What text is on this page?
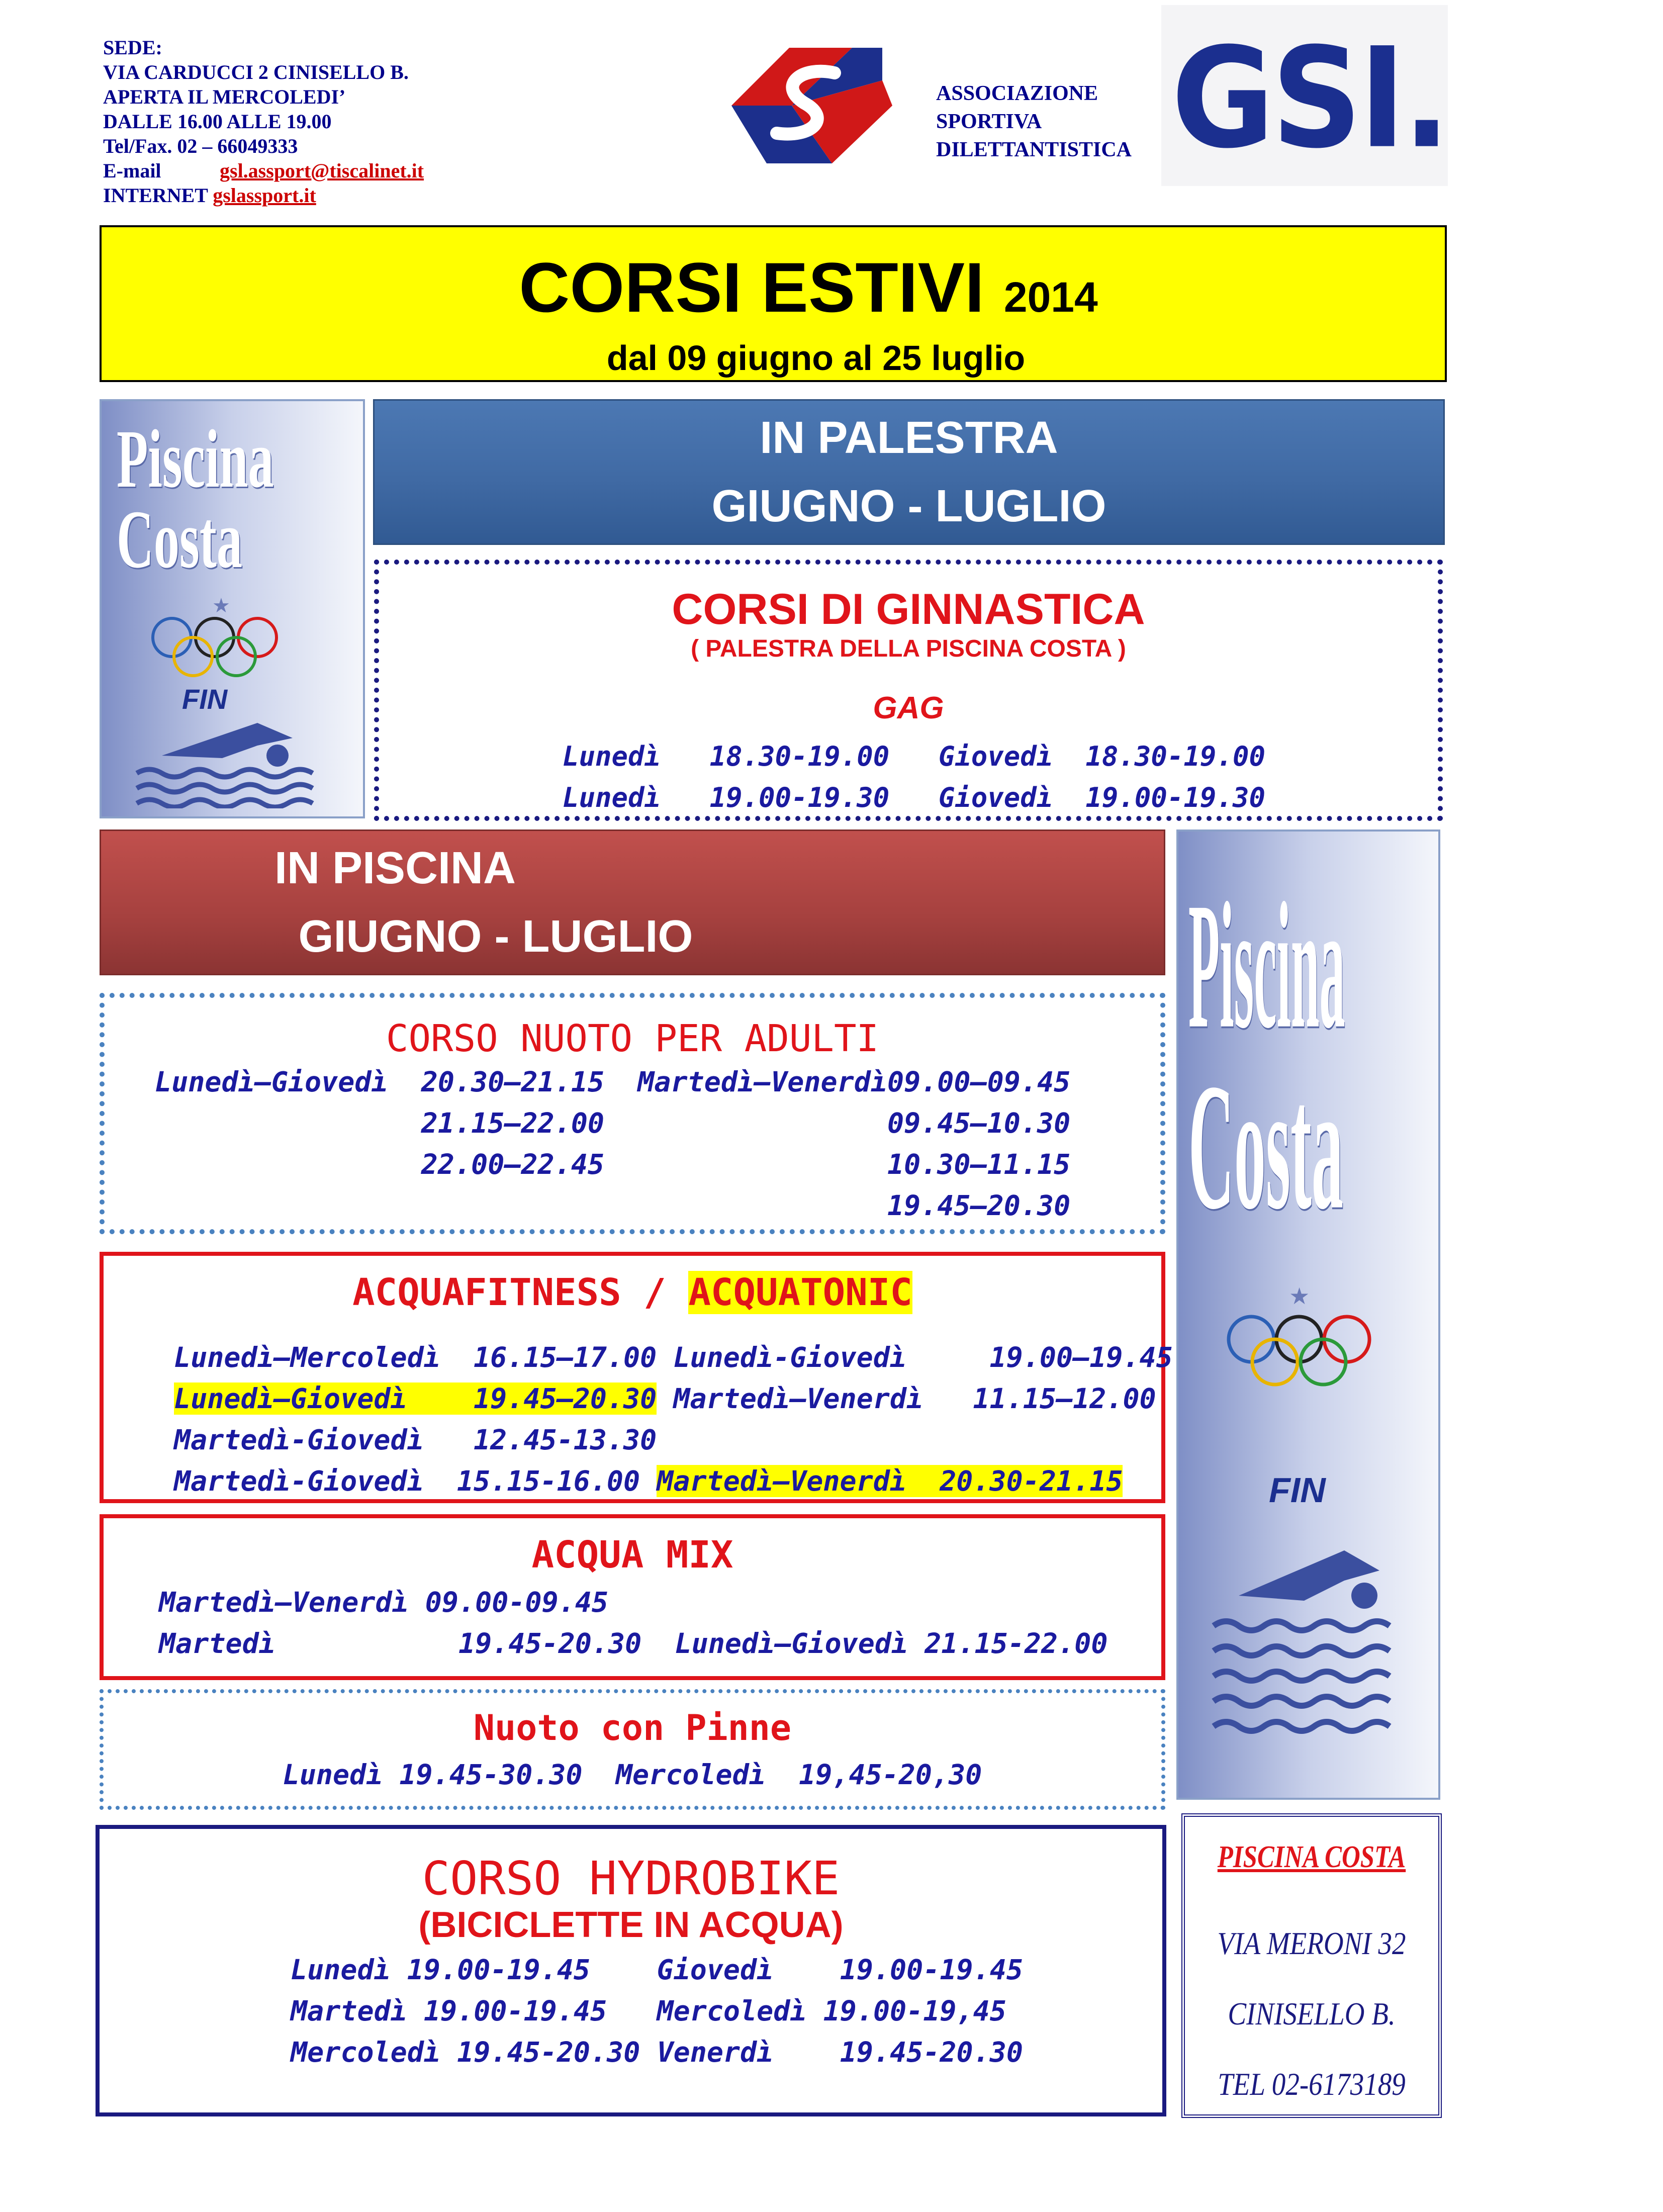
SEDE:
VIA CARDUCCI 2 CINISELLO B.
APERTA IL MERCOLEDI’
DALLE 16.00 ALLE 19.00
Tel/Fax. 02 – 66049333
E-mail	gsl.assport@tiscalinet.it
INTERNET gslassport.it
ASSOCIAZIONE
SPORTIVA
DILETTANTISTICA GSI.
CORSI ESTIVI 2014
dal 09 giugno al 25 luglio
Piscina
Costa
★
FIN
IN PALESTRA
GIUGNO - LUGLIO
CORSI DI GINNASTICA
( PALESTRA DELLA PISCINA COSTA )
GAG
Lunedì   18.30-19.00   Giovedì  18.30-19.00
Lunedì   19.00-19.30   Giovedì  19.00-19.30
IN PISCINA
GIUGNO - LUGLIO
CORSO NUOTO PER ADULTI
Lunedì–Giovedì  20.30–21.15  Martedì–Venerdì09.00–09.45
21.15–22.00                 09.45–10.30
22.00–22.45                 10.30–11.15
19.45–20.30
ACQUAFITNESS / ACQUATONIC
Lunedì–Mercoledì  16.15–17.00 Lunedì-Giovedì     19.00–19.45
Lunedì–Giovedì    19.45–20.30 Martedì–Venerdì   11.15–12.00
Martedì-Giovedì   12.45-13.30
Martedì-Giovedì  15.15-16.00 Martedì–Venerdì  20.30-21.15
ACQUA MIX
Martedì–Venerdì 09.00-09.45
Martedì           19.45-20.30  Lunedì–Giovedì 21.15-22.00
Nuoto con Pinne
Lunedì 19.45-30.30  Mercoledì  19,45-20,30
CORSO HYDROBIKE
(BICICLETTE IN ACQUA)
Lunedì 19.00-19.45    Giovedì    19.00-19.45
Martedì 19.00-19.45   Mercoledì 19.00-19,45
Mercoledì 19.45-20.30 Venerdì    19.45-20.30
Piscina
Costa
★
FIN
PISCINA COSTA
VIA MERONI 32
CINISELLO B.
TEL 02-6173189
